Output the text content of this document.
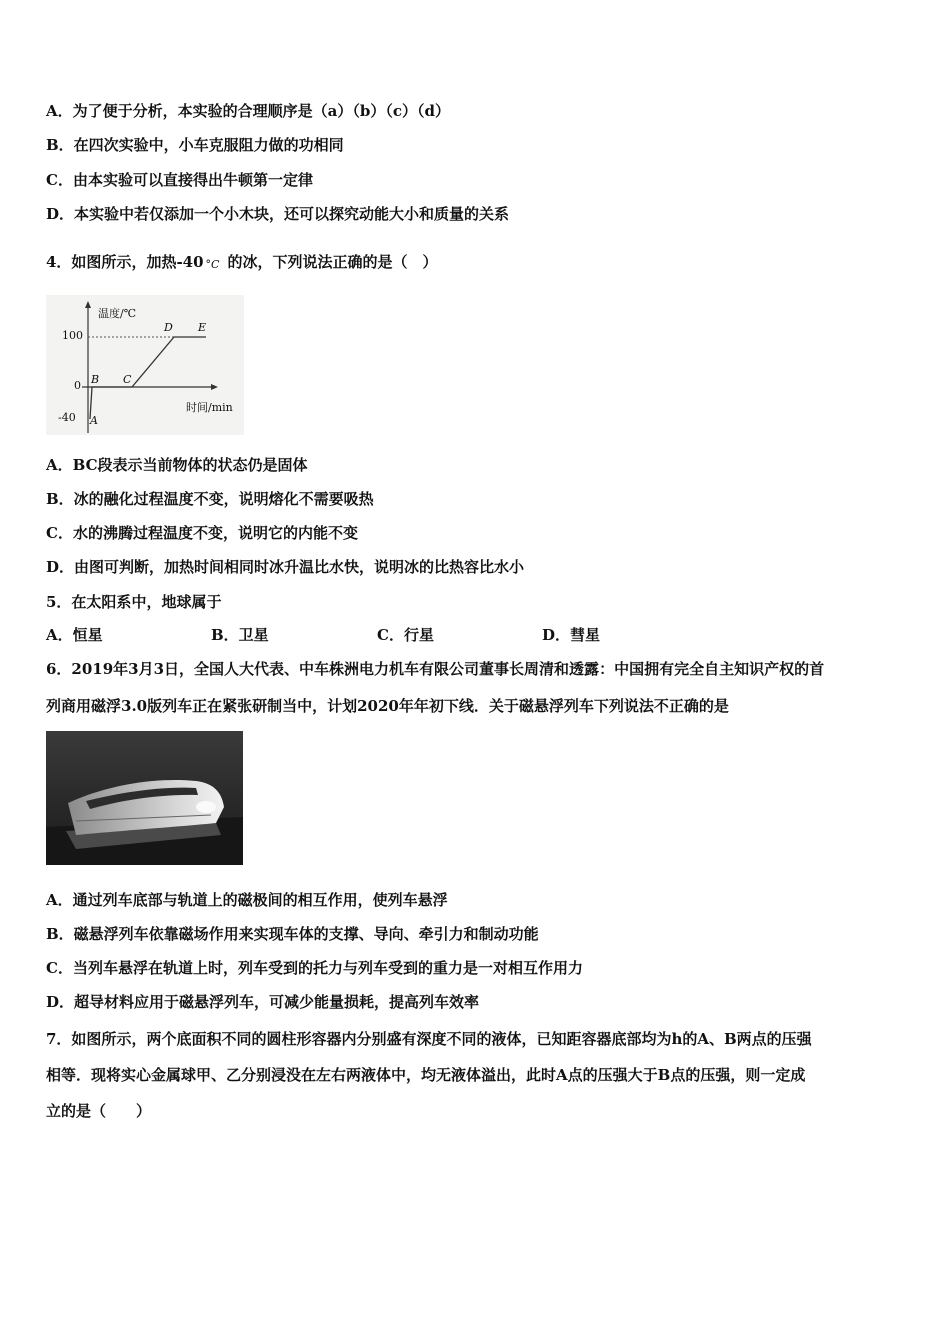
A．为了便于分析，本实验的合理顺序是（a）（b）（c）（d）
B．在四次实验中，小车克服阻力做的功相同
C．由本实验可以直接得出牛顿第一定律
D．本实验中若仅添加一个小木块，还可以探究动能大小和质量的关系
4．如图所示，加热-40 °C 的冰，下列说法正确的是（　）
温度/℃
时间/min
100
0
-40 A
B C
D E
A．BC段表示当前物体的状态仍是固体
B．冰的融化过程温度不变，说明熔化不需要吸热
C．水的沸腾过程温度不变，说明它的内能不变
D．由图可判断，加热时间相同时冰升温比水快，说明冰的比热容比水小
5．在太阳系中，地球属于
A．恒星	B．卫星	C．行星	D．彗星
6．2019年3月3日，全国人大代表、中车株洲电力机车有限公司董事长周清和透露：中国拥有完全自主知识产权的首
列商用磁浮3.0版列车正在紧张研制当中，计划2020年年初下线．关于磁悬浮列车下列说法不正确的是
A．通过列车底部与轨道上的磁极间的相互作用，使列车悬浮
B．磁悬浮列车依靠磁场作用来实现车体的支撑、导向、牵引力和制动功能
C．当列车悬浮在轨道上时，列车受到的托力与列车受到的重力是一对相互作用力
D．超导材料应用于磁悬浮列车，可减少能量损耗，提高列车效率
7．如图所示，两个底面积不同的圆柱形容器内分别盛有深度不同的液体，已知距容器底部均为h的A、B两点的压强
相等．现将实心金属球甲、乙分别浸没在左右两液体中，均无液体溢出，此时A点的压强大于B点的压强，则一定成
立的是（　　）
